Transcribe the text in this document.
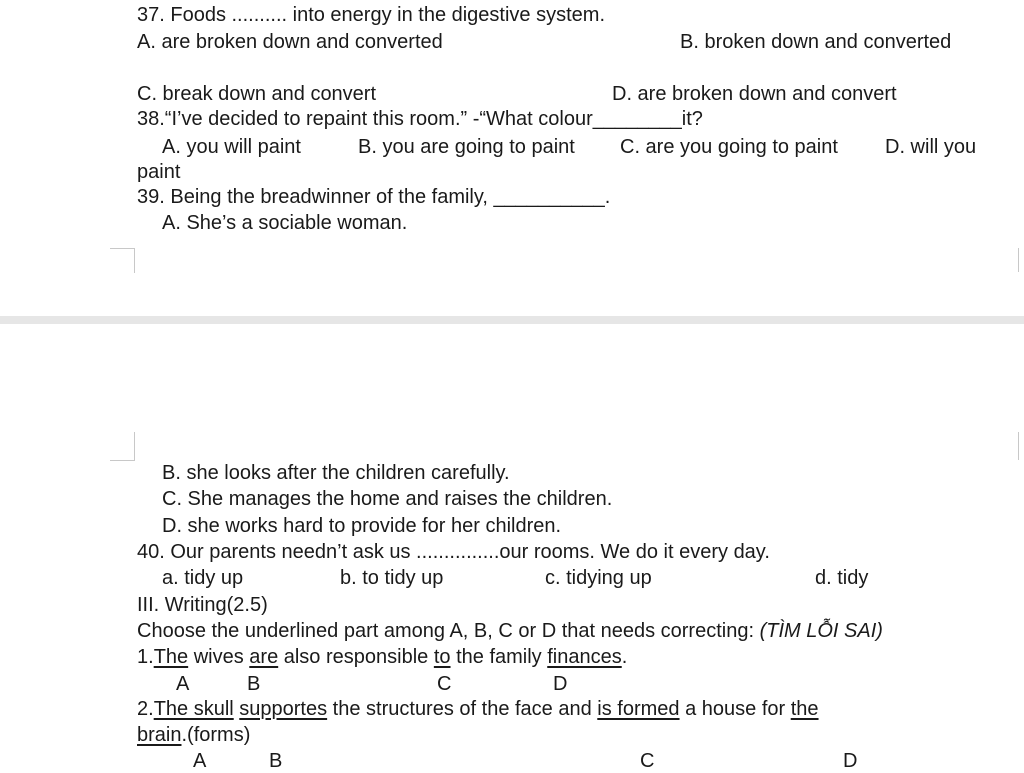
37. Foods .......... into energy in the digestive system.
A. are broken down and converted	B. broken down and converted
C. break down and convert	D. are broken down and convert
38.“I’ve decided to repaint this room.” -“What colour________it?
A. you will paint	B. you are going to paint C. are you going to paint D. will you
paint
39. Being the breadwinner of the family, __________.
A. She’s a sociable woman.
B. she looks after the children carefully.
C. She manages the home and raises the children.
D. she works hard to provide for her children.
40. Our parents needn’t ask us ...............our rooms. We do it every day.
a. tidy up	b. to tidy up	c. tidying up	d. tidy
III. Writing(2.5)
Choose the underlined part among A, B, C or D that needs correcting: (TÌM LỖI SAI)
1.The wives are also responsible to the family finances.
A	B	C	D
2.The skull supportes the structures of the face and is formed a house for the
brain.(forms)
A	B	C	D
